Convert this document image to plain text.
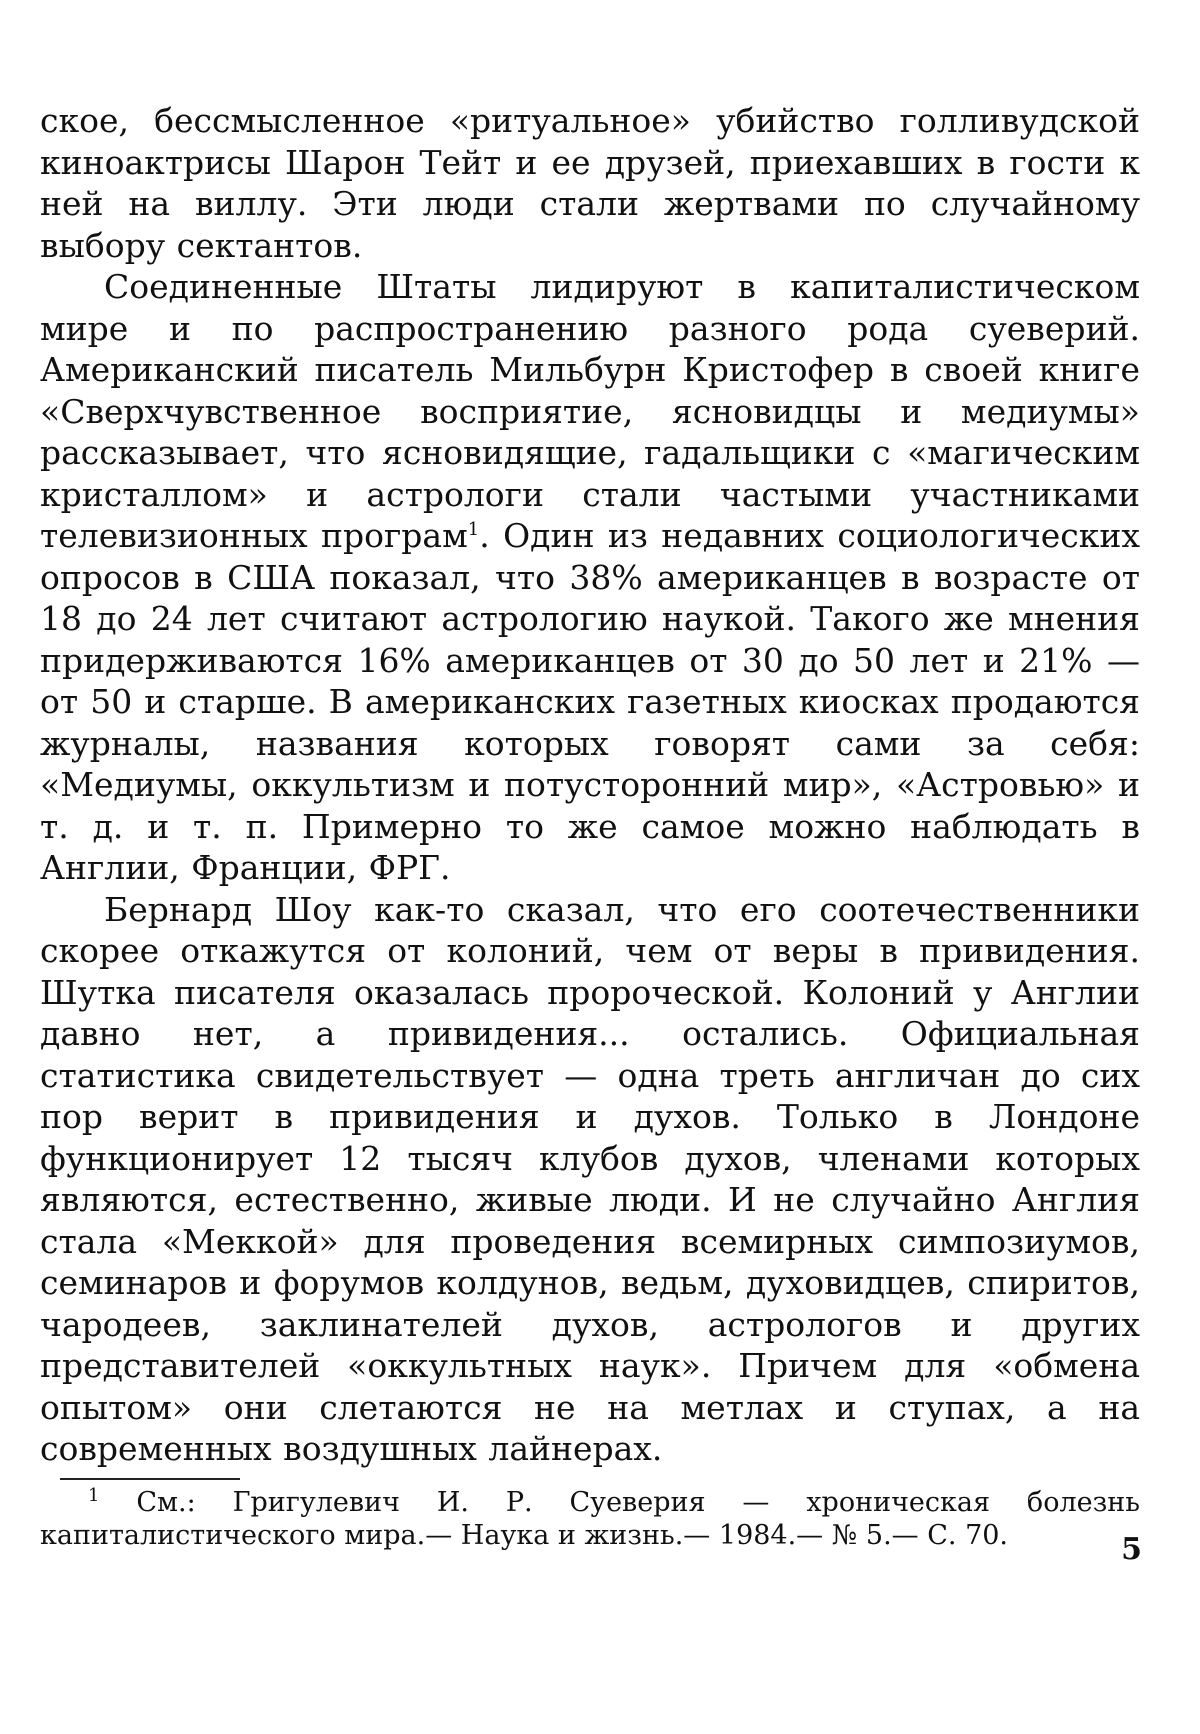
ское, бессмысленное «ритуальное» убийство голливудской киноактрисы Шарон Тейт и ее друзей, приехавших в гости к ней на виллу. Эти люди стали жертвами по случайному выбору сектантов.

Соединенные Штаты лидируют в капиталистическом мире и по распространению разного рода суеверий. Американский писатель Мильбурн Кристофер в своей книге «Сверхчувственное восприятие, ясновидцы и медиумы» рассказывает, что ясновидящие, гадальщики с «магическим кристаллом» и астрологи стали частыми участниками телевизионных програм$^1$. Один из недавних социологических опросов в США показал, что 38% американцев в возрасте от 18 до 24 лет считают астрологию наукой. Такого же мнения придерживаются 16% американцев от 30 до 50 лет и 21% — от 50 и старше. В американских газетных киосках продаются журналы, названия которых говорят сами за себя: «Медиумы, оккультизм и потусторонний мир», «Астровью» и т. д. и т. п. Примерно то же самое можно наблюдать в Англии, Франции, ФРГ.

Бернард Шоу как-то сказал, что его соотечественники скорее откажутся от колоний, чем от веры в привидения. Шутка писателя оказалась пророческой. Колоний у Англии давно нет, а привидения... остались. Официальная статистика свидетельствует — одна треть англичан до сих пор верит в привидения и духов. Только в Лондоне функционирует 12 тысяч клубов духов, членами которых являются, естественно, живые люди. И не случайно Англия стала «Меккой» для проведения всемирных симпозиумов, семинаров и форумов колдунов, ведьм, духовидцев, спиритов, чародеев, заклинателей духов, астрологов и других представителей «оккультных наук». Причем для «обмена опытом» они слетаются не на метлах и ступах, а на современных воздушных лайнерах.

$^1$ См.: Григулевич И. Р. Суеверия — хроническая болезнь капиталистического мира.— Наука и жизнь.— 1984.— № 5.— С. 70.	5
